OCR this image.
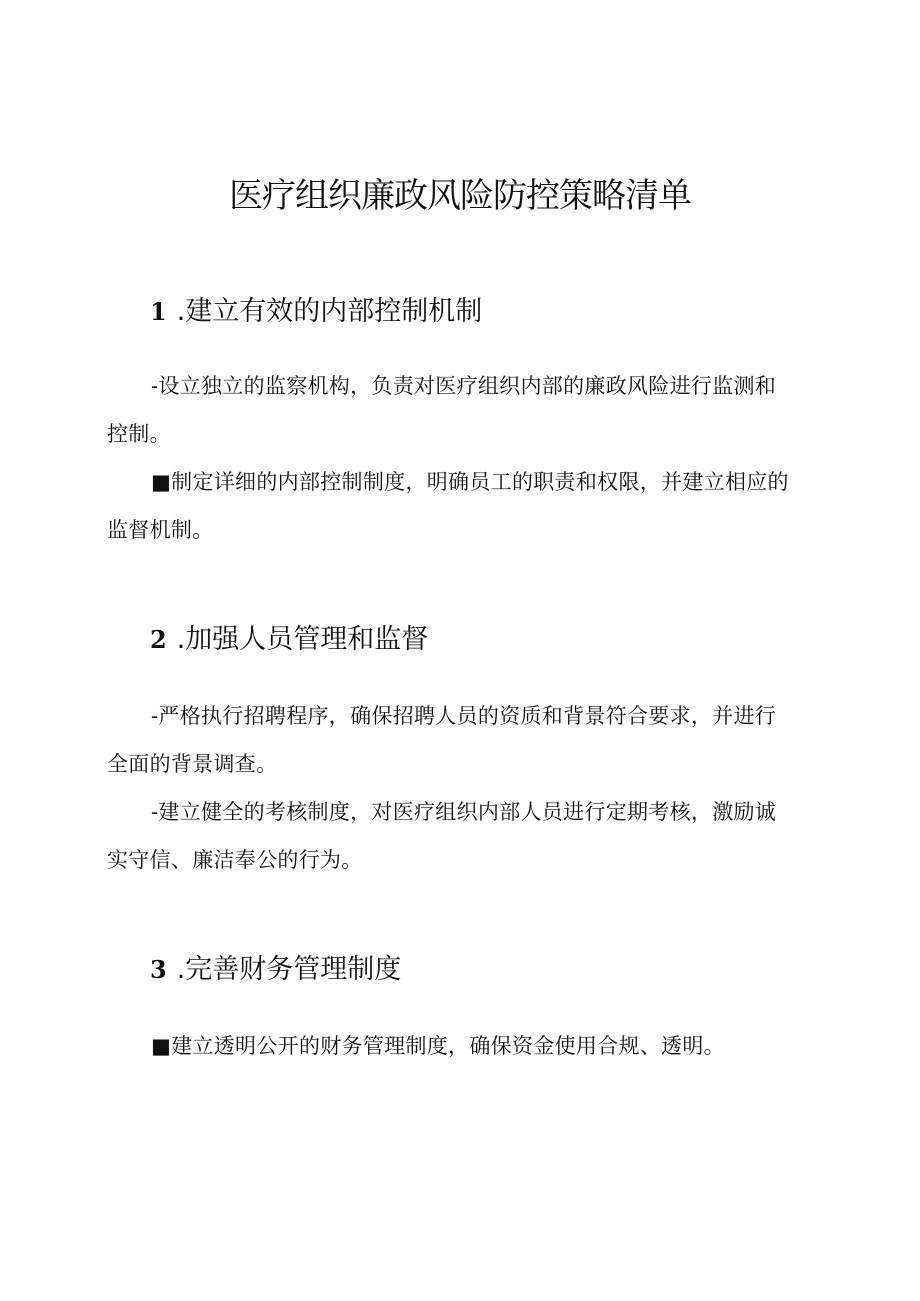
医疗组织廉政风险防控策略清单
1 .建立有效的内部控制机制

-设立独立的监察机构，负责对医疗组织内部的廉政风险进行监测和控制。

■制定详细的内部控制制度，明确员工的职责和权限，并建立相应的监督机制。

2 .加强人员管理和监督

-严格执行招聘程序，确保招聘人员的资质和背景符合要求，并进行全面的背景调查。

-建立健全的考核制度，对医疗组织内部人员进行定期考核，激励诚实守信、廉洁奉公的行为。

3 .完善财务管理制度

■建立透明公开的财务管理制度，确保资金使用合规、透明。
